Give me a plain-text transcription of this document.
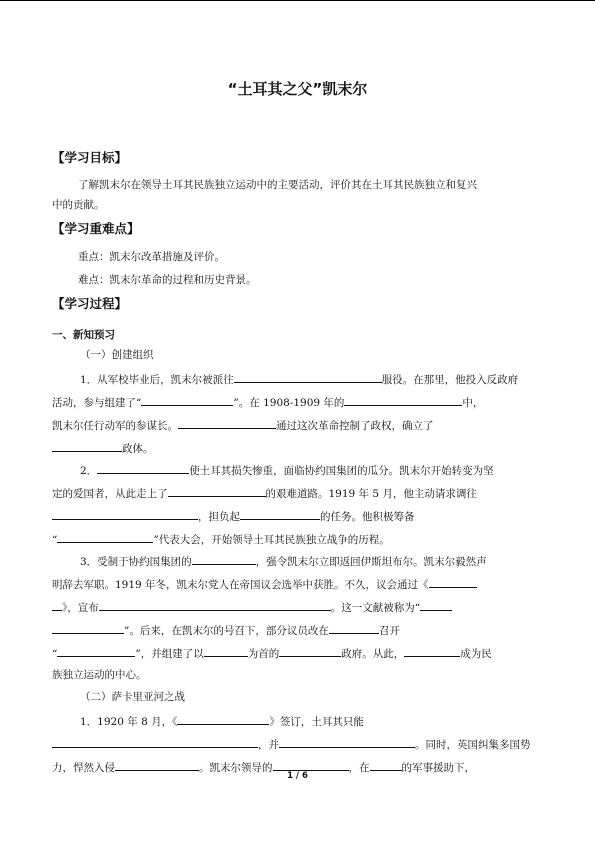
“土耳其之父”凯末尔
【学习目标】
了解凯末尔在领导土耳其民族独立运动中的主要活动，评价其在土耳其民族独立和复兴
中的贡献。
【学习重难点】
重点：凯末尔改革措施及评价。
难点：凯末尔革命的过程和历史背景。
【学习过程】
一、新知预习
（一）创建组织
1．从军校毕业后，凯末尔被派往	服役。在那里，他投入反政府
活动，参与组建了“	”。在 1908-1909 年的	中，
凯末尔任行动军的参谋长。	通过这次革命控制了政权，确立了
政体。
2．	使土耳其损失惨重，面临协约国集团的瓜分。凯末尔开始转变为坚
定的爱国者，从此走上了	的艰难道路。1919 年 5 月，他主动请求调往
，担负起	的任务。他积极筹备
“	”代表大会，开始领导土耳其民族独立战争的历程。
3．受制于协约国集团的	，强令凯末尔立即返回伊斯坦布尔。凯末尔毅然声
明辞去军职。1919 年冬，凯末尔党人在帝国议会选举中获胜。不久，议会通过《
》，宣布	。这一文献被称为“
”。后来，在凯末尔的号召下，部分议员改在	召开
“	”，并组建了以	为首的	政府。从此，	成为民
族独立运动的中心。
（二）萨卡里亚河之战
1．1920 年 8 月，《	》签订，土耳其只能
，并	。同时，英国纠集多国势
力，悍然入侵	。凯末尔领导的	，在	的军事援助下，
1 / 6
